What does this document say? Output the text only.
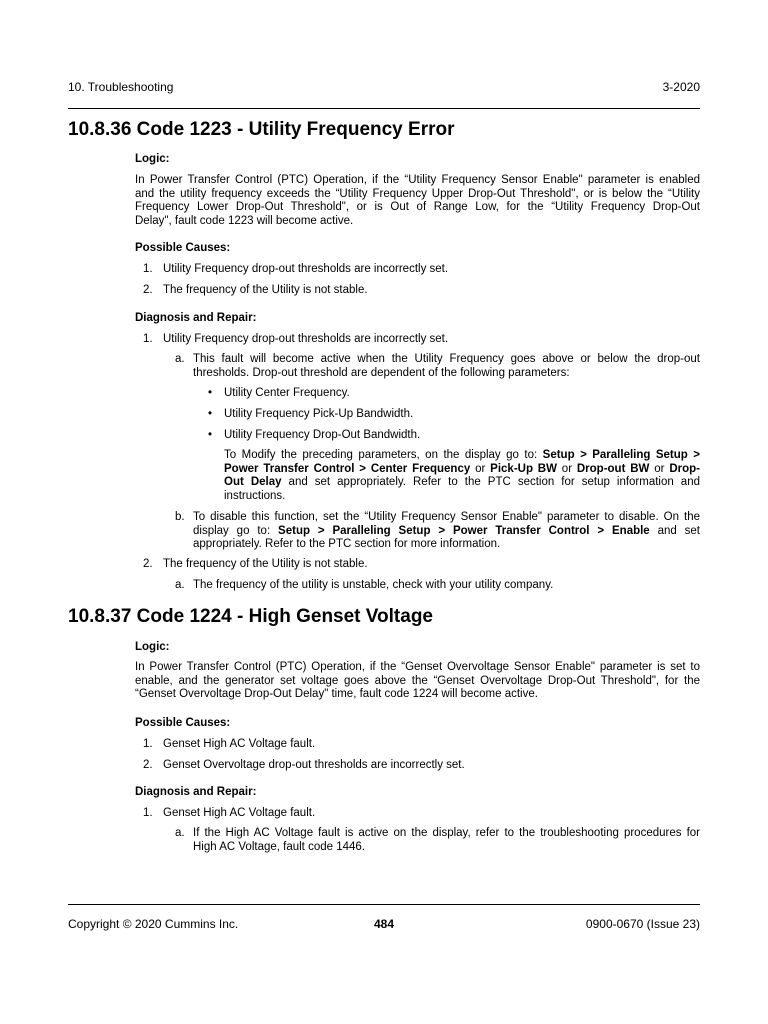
10. Troubleshooting	3-2020
10.8.36 Code 1223 - Utility Frequency Error
Logic:
In Power Transfer Control (PTC) Operation, if the “Utility Frequency Sensor Enable" parameter is enabled
and the utility frequency exceeds the “Utility Frequency Upper Drop-Out Threshold", or is below the “Utility
Frequency Lower Drop-Out Threshold", or is Out of Range Low, for the “Utility Frequency Drop-Out
Delay", fault code 1223 will become active.
Possible Causes:
1. Utility Frequency drop-out thresholds are incorrectly set.
2. The frequency of the Utility is not stable.
Diagnosis and Repair:
1. Utility Frequency drop-out thresholds are incorrectly set.
a. This fault will become active when the Utility Frequency goes above or below the drop-out
thresholds. Drop-out threshold are dependent of the following parameters:
• Utility Center Frequency.
• Utility Frequency Pick-Up Bandwidth.
• Utility Frequency Drop-Out Bandwidth.
To Modify the preceding parameters, on the display go to: Setup > Paralleling Setup >
Power Transfer Control > Center Frequency or Pick-Up BW or Drop-out BW or Drop-
Out Delay and set appropriately. Refer to the PTC section for setup information and
instructions.
b. To disable this function, set the “Utility Frequency Sensor Enable" parameter to disable. On the
display go to: Setup > Paralleling Setup > Power Transfer Control > Enable and set
appropriately. Refer to the PTC section for more information.
2. The frequency of the Utility is not stable.
a. The frequency of the utility is unstable, check with your utility company.
10.8.37 Code 1224 - High Genset Voltage
Logic:
In Power Transfer Control (PTC) Operation, if the “Genset Overvoltage Sensor Enable" parameter is set to
enable, and the generator set voltage goes above the “Genset Overvoltage Drop-Out Threshold", for the
“Genset Overvoltage Drop-Out Delay" time, fault code 1224 will become active.
Possible Causes:
1. Genset High AC Voltage fault.
2. Genset Overvoltage drop-out thresholds are incorrectly set.
Diagnosis and Repair:
1. Genset High AC Voltage fault.
a. If the High AC Voltage fault is active on the display, refer to the troubleshooting procedures for
High AC Voltage, fault code 1446.
Copyright © 2020 Cummins Inc.	484	0900-0670 (Issue 23)
